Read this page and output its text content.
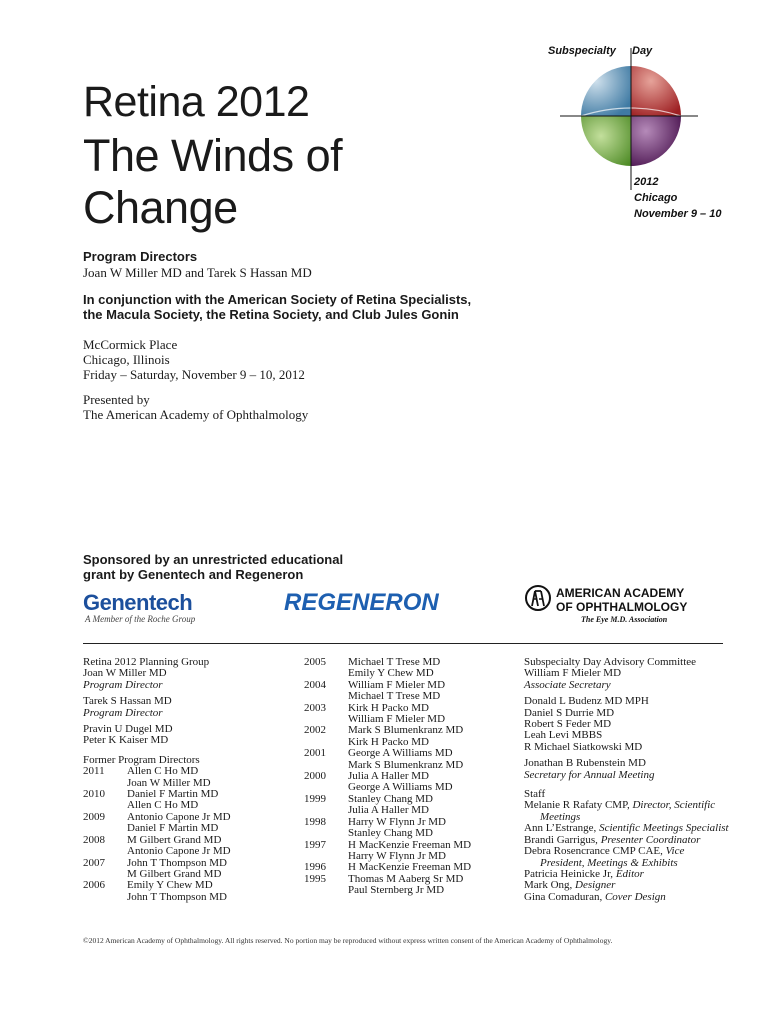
Retina 2012
The Winds of
Change
Subspecialty Day
2012
Chicago
November 9 – 10
Program Directors
Joan W Miller MD and Tarek S Hassan MD
In conjunction with the American Society of Retina Specialists,
the Macula Society, the Retina Society, and Club Jules Gonin
McCormick Place
Chicago, Illinois
Friday – Saturday, November 9 – 10, 2012
Presented by
The American Academy of Ophthalmology
Sponsored by an unrestricted educational
grant by Genentech and Regeneron
Genentech
A Member of the Roche Group
REGENERON	AMERICAN ACADEMY
OF OPHTHALMOLOGY
The Eye M.D. Association
Retina 2012 Planning Group
Joan W Miller MD
Program Director
Tarek S Hassan MD
Program Director
Pravin U Dugel MD
Peter K Kaiser MD
Former Program Directors
2011	Allen C Ho MD
Joan W Miller MD
2010	Daniel F Martin MD
Allen C Ho MD
2009	Antonio Capone Jr MD
Daniel F Martin MD
2008	M Gilbert Grand MD
Antonio Capone Jr MD
2007	John T Thompson MD
M Gilbert Grand MD
2006	Emily Y Chew MD
John T Thompson MD
2005	Michael T Trese MD
Emily Y Chew MD
2004	William F Mieler MD
Michael T Trese MD
2003	Kirk H Packo MD
William F Mieler MD
2002	Mark S Blumenkranz MD
Kirk H Packo MD
2001	George A Williams MD
Mark S Blumenkranz MD
2000	Julia A Haller MD
George A Williams MD
1999	Stanley Chang MD
Julia A Haller MD
1998	Harry W Flynn Jr MD
Stanley Chang MD
1997	H MacKenzie Freeman MD
Harry W Flynn Jr MD
1996	H MacKenzie Freeman MD
1995	Thomas M Aaberg Sr MD
Paul Sternberg Jr MD
Subspecialty Day Advisory Committee
William F Mieler MD
Associate Secretary
Donald L Budenz MD MPH
Daniel S Durrie MD
Robert S Feder MD
Leah Levi MBBS
R Michael Siatkowski MD
Jonathan B Rubenstein MD
Secretary for Annual Meeting
Staff
Melanie R Rafaty CMP, Director, Scientific
Meetings
Ann L’Estrange, Scientific Meetings Specialist
Brandi Garrigus, Presenter Coordinator
Debra Rosencrance CMP CAE, Vice
President, Meetings & Exhibits
Patricia Heinicke Jr, Editor
Mark Ong, Designer
Gina Comaduran, Cover Design
©2012 American Academy of Ophthalmology. All rights reserved. No portion may be reproduced without express written consent of the American Academy of Ophthalmology.
